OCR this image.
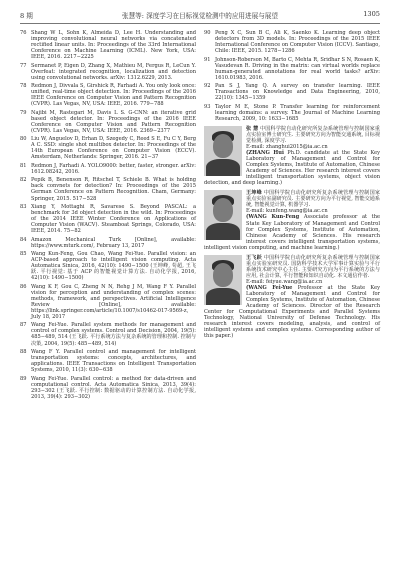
8 期	张慧等: 深度学习在目标视觉检测中的应用进展与展望	1305
76 Shang W L, Sohn K, Almeida D, Lee H. Understanding and improving convolutional neural networks via concatenated rectified linear units. In: Proceedings of the 33rd International Conference on Machine Learning (ICML). New York, USA: IEEE, 2016. 2217−2225
77 Sermanet P, Eigen D, Zhang X, Mathieu M, Fergus R, LeCun Y. Overfeat: integrated recognition, localization and detection using convolutional networks. arXiv: 1312.6229, 2013.
78 Redmon J, Divvala S, Girshick R, Farhadi A. You only look once: unified, real-time object detection. In: Proceedings of the 2016 IEEE Conference on Computer Vision and Pattern Recognition (CVPR). Las Vegas, NV, USA: IEEE, 2016. 779−788
79 Najibi M, Rastegari M, Davis L S. G-CNN: an iterative grid based object detector. In: Proceedings of the 2016 IEEE Conference on Computer Vision and Pattern Recognition (CVPR). Las Vegas, NV, USA: IEEE, 2016. 2369−2377
80 Liu W, Anguelov D, Erhan D, Szegedy C, Reed S E, Fu C Y, Berg A C. SSD: single shot multibox detector. In: Proceedings of the 14th European Conference on Computer Vision (ECCV). Amsterdam, Netherlands: Springer, 2016. 21−37
81 Redmon J, Farhadi A. YOLO9000: better, faster, stronger. arXiv: 1612.08242, 2016.
82 Pepik B, Benenson R, Ritschel T, Schiele B. What is holding back convnets for detection? In: Proceedings of the 2015 German Conference on Pattern Recognition. Cham, Germany: Springer, 2015. 517−528
83 Xiang Y, Mottaghi R, Savarese S. Beyond PASCAL: a benchmark for 3d object detection in the wild. In: Proceedings of the 2014 IEEE Winter Conference on Applications of Computer Vision (WACV). Steamboat Springs, Colorado, USA: IEEE, 2014. 75−82
84 Amazon Mechanical Turk [Online], available: https://www.mturk.com/, February 13, 2017
85 Wang Kun-Feng, Gou Chao, Wang Fei-Yue. Parallel vision: an ACP-based approach to intelligent vision computing. Acta Automatica Sinica, 2016, 42(10): 1490−1500 (王坤峰, 苟超, 王飞跃. 平行视觉: 基于 ACP 的智能视觉计算方法. 自动化学报, 2016, 42(10): 1490−1500)
86 Wang K F, Gou C, Zheng N N, Rehg J M, Wang F Y. Parallel vision for perception and understanding of complex scenes: methods, framework, and perspectives. Artificial Intelligence Review [Online], available: https://link.springer.com/article/10.1007/s10462-017-9569-z, July 18, 2017
87 Wang Fei-Yue. Parallel system methods for management and control of complex systems. Control and Decision, 2004, 19(5): 485−489, 514 (王飞跃. 平行系统方法与复杂系统的管理和控制. 控制与决策, 2004, 19(5): 485−489, 514)
88 Wang F Y. Parallel control and management for intelligent transportation systems: concepts, architectures, and applications. IEEE Transactions on Intelligent Transportation Systems, 2010, 11(3): 630−638
89 Wang Fei-Yue. Parallel control: a method for data-driven and computational control. Acta Automatica Sinica, 2013, 39(4): 293−302 (王飞跃. 平行控制: 数据驱动的计算控制方法. 自动化学报, 2013, 39(4): 293−302)
90 Peng X C, Sun B C, Ali K, Saenko K. Learning deep object detectors from 3D models. In: Proceedings of the 2015 IEEE International Conference on Computer Vision (ICCV). Santiago, Chile: IEEE, 2015. 1278−1286
91 Johnson-Roberson M, Barto C, Mehta R, Sridhar S N, Rosaen K, Vasudevan R. Driving in the matrix: can virtual worlds replace human-generated annotations for real world tasks? arXiv: 1610.01983, 2016.
92 Pan S J, Yang Q. A survey on transfer learning. IEEE Transactions on Knowledge and Data Engineering, 2010, 22(10): 1345−1359
93 Taylor M E, Stone P. Transfer learning for reinforcement learning domains: a survey. The Journal of Machine Learning Research, 2009, 10: 1633−1685
张 慧 中国科学院自动化研究所复杂系统管理与控制国家重点实验室博士研究生. 主要研究方向为智能交通系统, 目标视觉检测, 深度学习.
E-mail: zhanghui2015@ia.ac.cn
(ZHANG Hui Ph.D. candidate at the State Key Laboratory of Management and Control for Complex Systems, Institute of Automation, Chinese Academy of Sciences. Her research interest covers intelligent transportation systems, object vision detection, and deep learning.)
王坤峰 中国科学院自动化研究所复杂系统管理与控制国家重点实验室副研究员. 主要研究方向为平行视觉, 智能交通系统, 智能视觉计算, 机器学习.
E-mail: kunfeng.wang@ia.ac.cn
(WANG Kun-Feng Associate professor at the State Key Laboratory of Management and Control for Complex Systems, Institute of Automation, Chinese Academy of Sciences. His research interest covers intelligent transportation systems, intelligent vision computing, and machine learning.)
王飞跃 中国科学院自动化研究所复杂系统管理与控制国家重点实验室研究员. 国防科学技术大学军事计算实验与平行系统技术研究中心主任. 主要研究方向为平行系统的方法与应用, 社会计算, 平行智能和知识自动化. 本文通信作者.
E-mail: feiyue.wang@ia.ac.cn
(WANG Fei-Yue Professor at the State Key Laboratory of Management and Control for Complex Systems, Institute of Automation, Chinese Academy of Sciences. Director of the Research Center for Computational Experiments and Parallel Systems Technology, National University of Defense Technology. His research interest covers modeling, analysis, and control of intelligent systems and complex systems. Corresponding author of this paper.)
